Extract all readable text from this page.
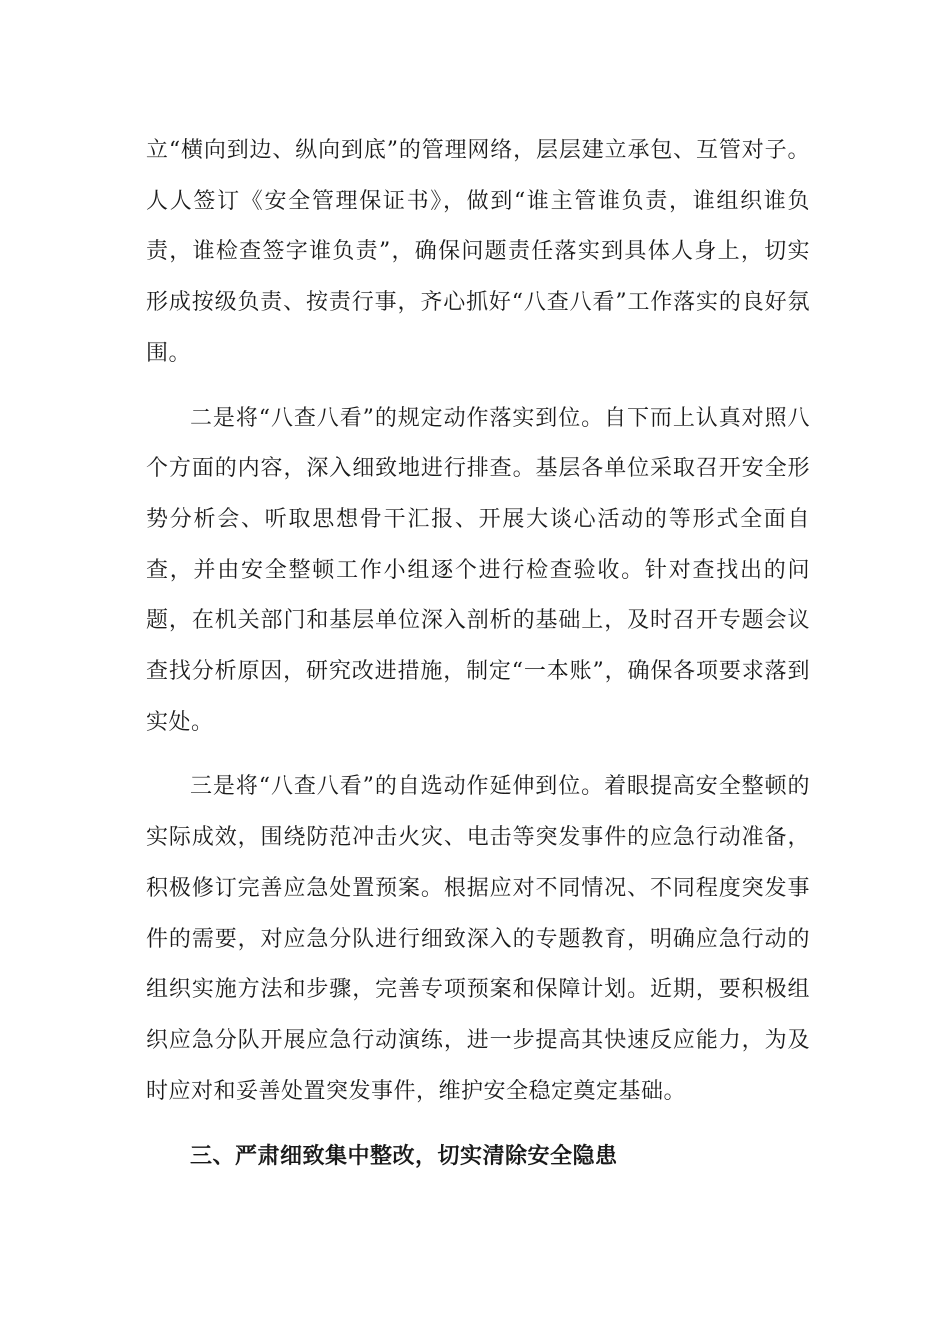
立“横向到边、纵向到底”的管理网络，层层建立承包、互管对子。人人签订《安全管理保证书》，做到“谁主管谁负责，谁组织谁负责，谁检查签字谁负责”，确保问题责任落实到具体人身上，切实形成按级负责、按责行事，齐心抓好“八查八看”工作落实的良好氛围。

二是将“八查八看”的规定动作落实到位。自下而上认真对照八个方面的内容，深入细致地进行排查。基层各单位采取召开安全形势分析会、听取思想骨干汇报、开展大谈心活动的等形式全面自查，并由安全整顿工作小组逐个进行检查验收。针对查找出的问题，在机关部门和基层单位深入剖析的基础上，及时召开专题会议查找分析原因，研究改进措施，制定“一本账”，确保各项要求落到实处。

三是将“八查八看”的自选动作延伸到位。着眼提高安全整顿的实际成效，围绕防范冲击火灾、电击等突发事件的应急行动准备，积极修订完善应急处置预案。根据应对不同情况、不同程度突发事件的需要，对应急分队进行细致深入的专题教育，明确应急行动的组织实施方法和步骤，完善专项预案和保障计划。近期，要积极组织应急分队开展应急行动演练，进一步提高其快速反应能力，为及时应对和妥善处置突发事件，维护安全稳定奠定基础。

三、严肃细致集中整改，切实清除安全隐患
